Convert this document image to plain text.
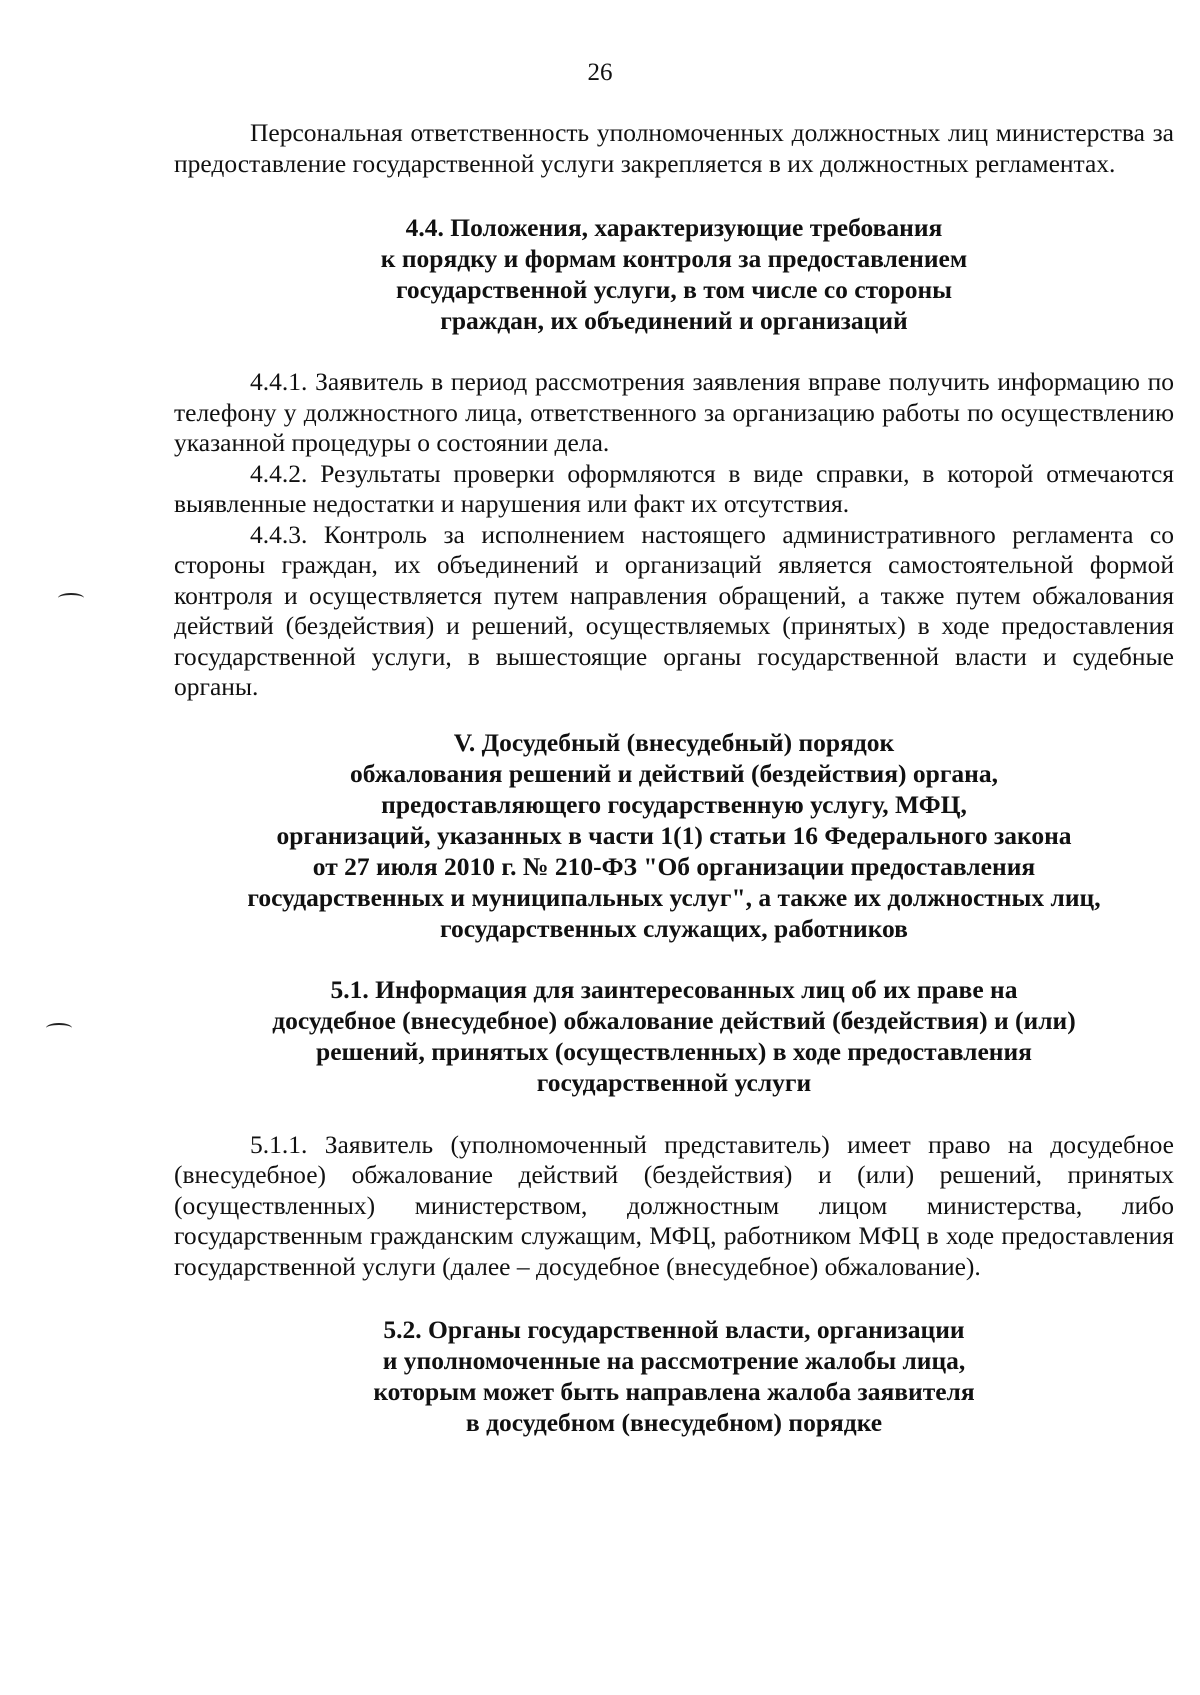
26

Персональная ответственность уполномоченных должностных лиц министерства за предоставление государственной услуги закрепляется в их должностных регламентах.

4.4. Положения, характеризующие требования
к порядку и формам контроля за предоставлением
государственной услуги, в том числе со стороны
граждан, их объединений и организаций

4.4.1. Заявитель в период рассмотрения заявления вправе получить информацию по телефону у должностного лица, ответственного за организацию работы по осуществлению указанной процедуры о состоянии дела.

4.4.2. Результаты проверки оформляются в виде справки, в которой отмечаются выявленные недостатки и нарушения или факт их отсутствия.

4.4.3. Контроль за исполнением настоящего административного регламента со стороны граждан, их объединений и организаций является самостоятельной формой контроля и осуществляется путем направления обращений, а также путем обжалования действий (бездействия) и решений, осуществляемых (принятых) в ходе предоставления государственной услуги, в вышестоящие органы государственной власти и судебные органы.

V. Досудебный (внесудебный) порядок
обжалования решений и действий (бездействия) органа,
предоставляющего государственную услугу, МФЦ,
организаций, указанных в части 1(1) статьи 16 Федерального закона
от 27 июля 2010 г. № 210-ФЗ "Об организации предоставления
государственных и муниципальных услуг", а также их должностных лиц,
государственных служащих, работников
5.1. Информация для заинтересованных лиц об их праве на
досудебное (внесудебное) обжалование действий (бездействия) и (или)
решений, принятых (осуществленных) в ходе предоставления
государственной услуги

5.1.1. Заявитель (уполномоченный представитель) имеет право на досудебное (внесудебное) обжалование действий (бездействия) и (или) решений, принятых (осуществленных) министерством, должностным лицом министерства, либо государственным гражданским служащим, МФЦ, работником МФЦ в ходе предоставления государственной услуги (далее – досудебное (внесудебное) обжалование).

5.2. Органы государственной власти, организации
и уполномоченные на рассмотрение жалобы лица,
которым может быть направлена жалоба заявителя
в досудебном (внесудебном) порядке
